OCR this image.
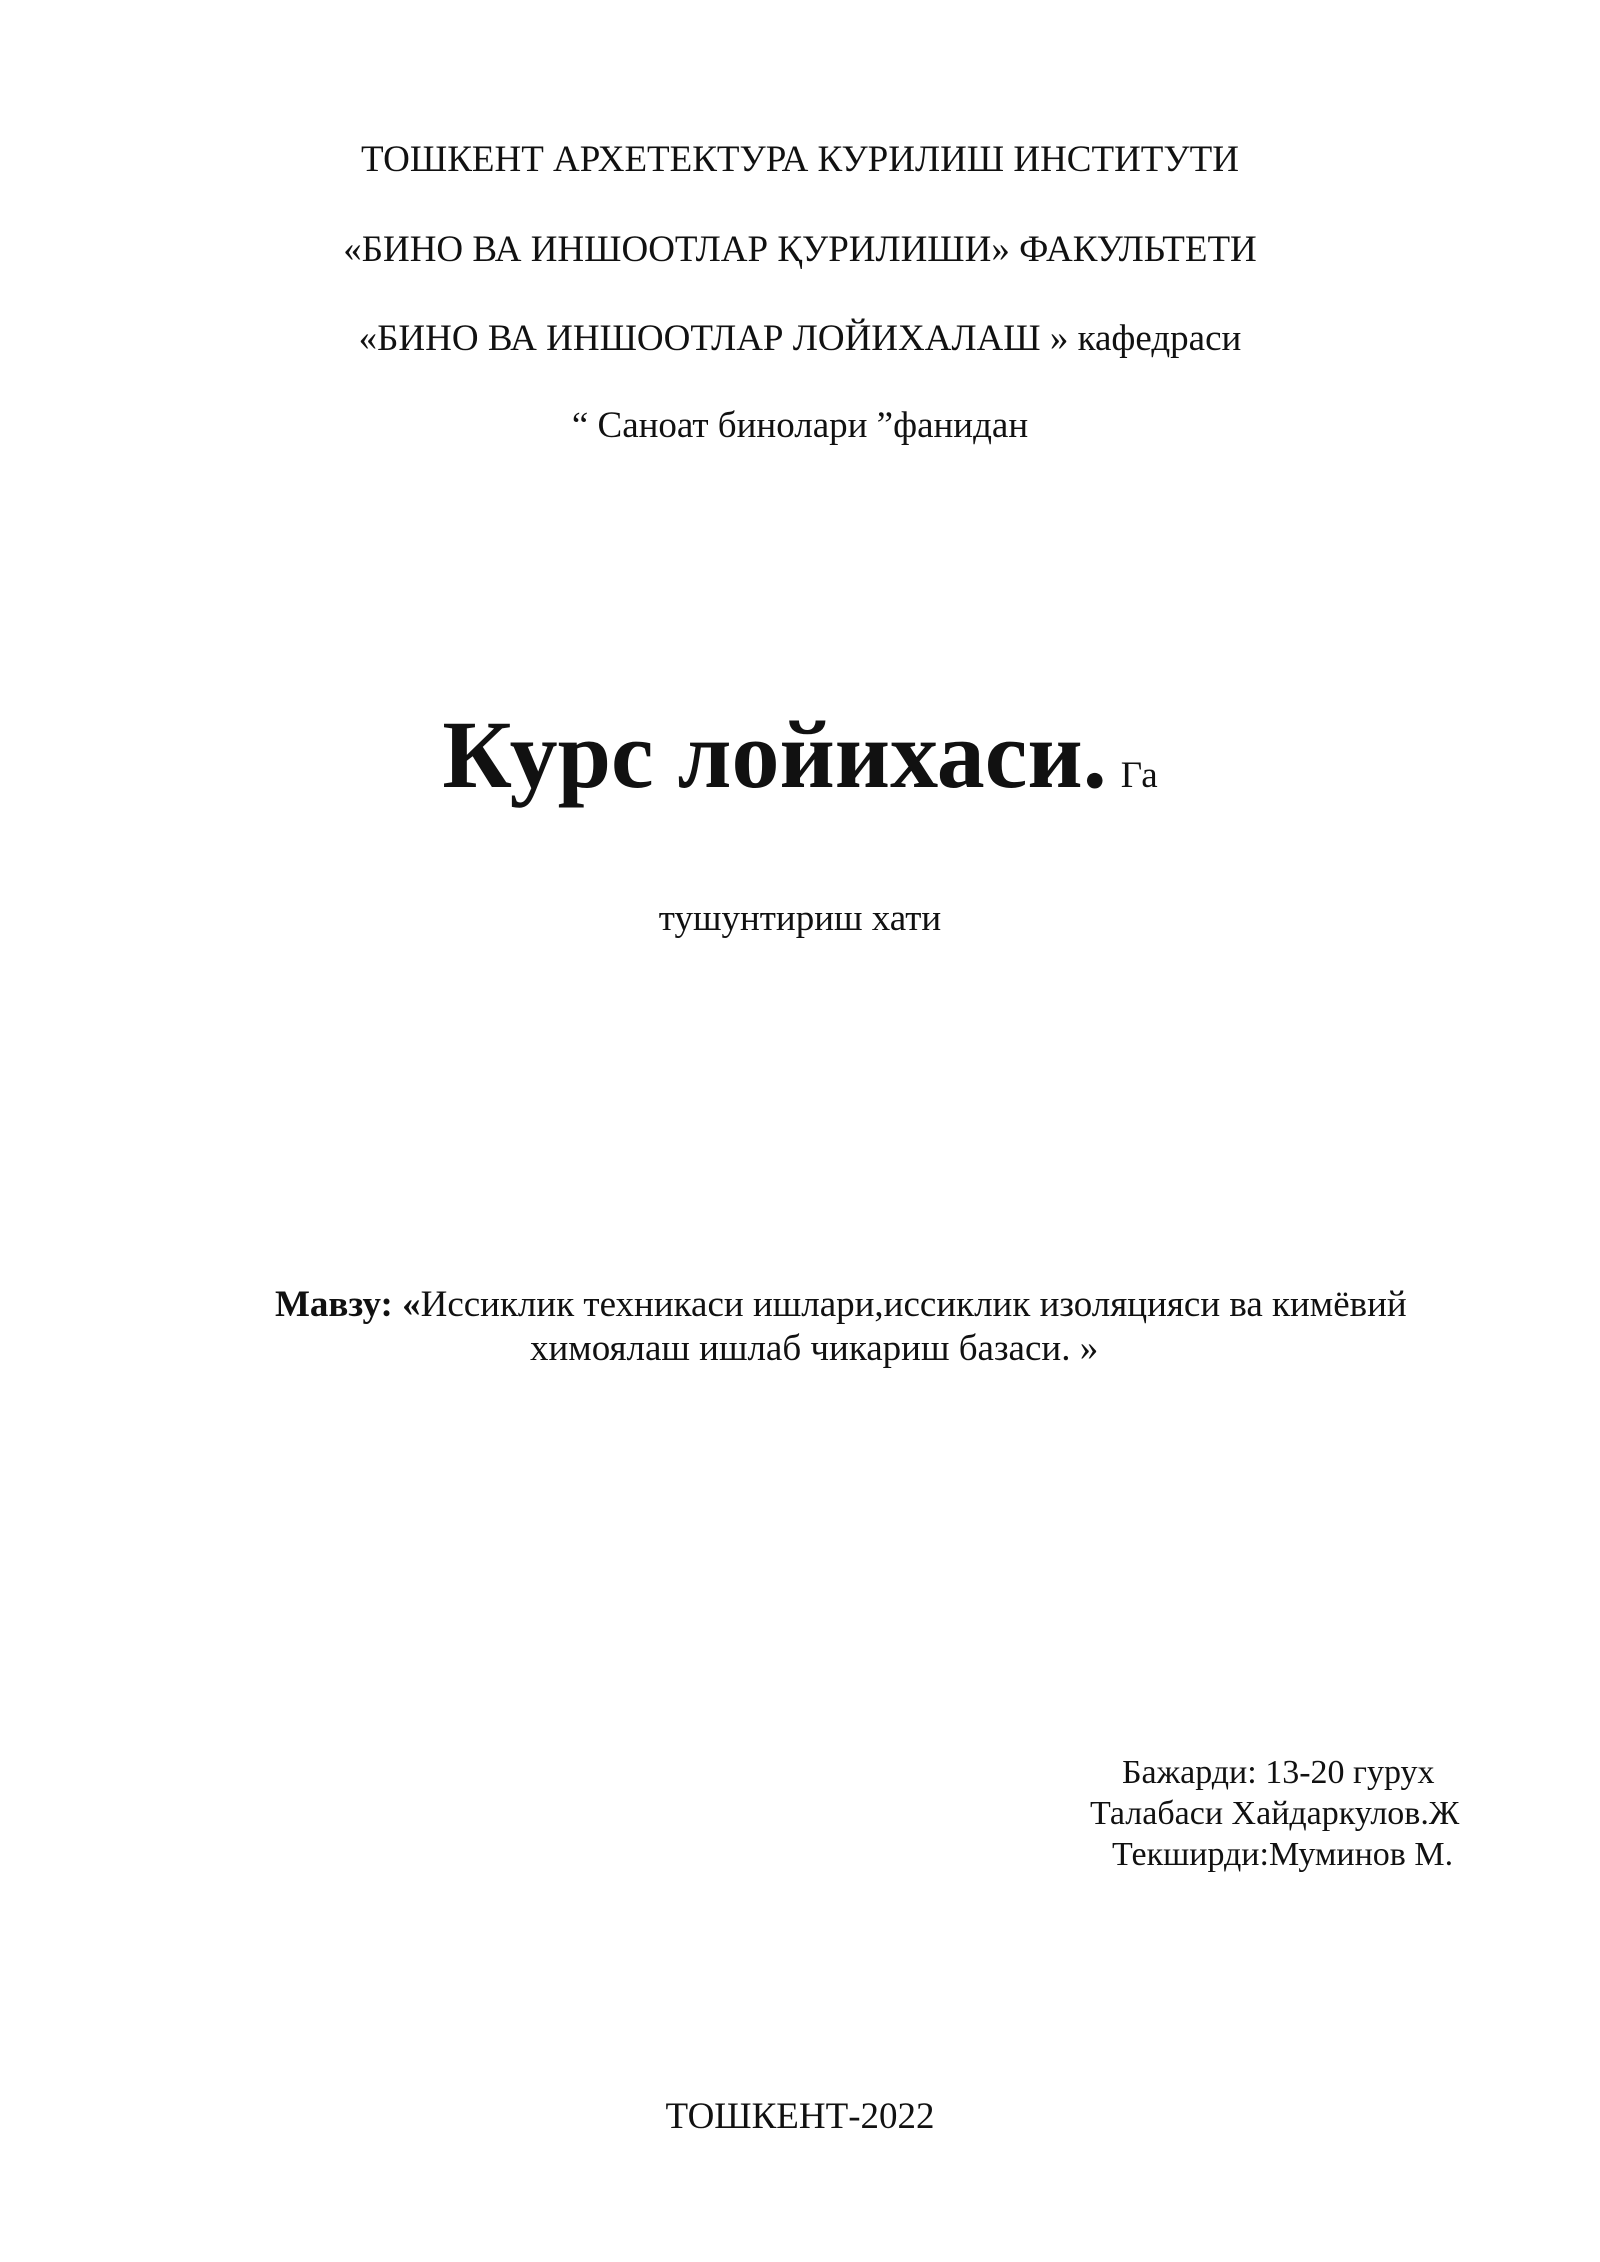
ТОШКЕНТ АРХЕТЕКТУРА КУРИЛИШ ИНСТИТУТИ
«БИНО ВА ИНШООТЛАР ҚУРИЛИШИ» ФАКУЛЬТЕТИ
«БИНО ВА ИНШООТЛАР ЛОЙИХАЛАШ » кафедраси
“ Саноат бинолари ”фанидан
Курс лойихаси. Га
тушунтириш хати
Мавзу: «Иссиклик техникаси ишлари,иссиклик изоляцияси ва кимёвий
химоялаш ишлаб чикариш базаси. »
Бажарди: 13-20 гурух
Талабаси Хайдаркулов.Ж
Текширди:Муминов М.
ТОШКЕНТ-2022
